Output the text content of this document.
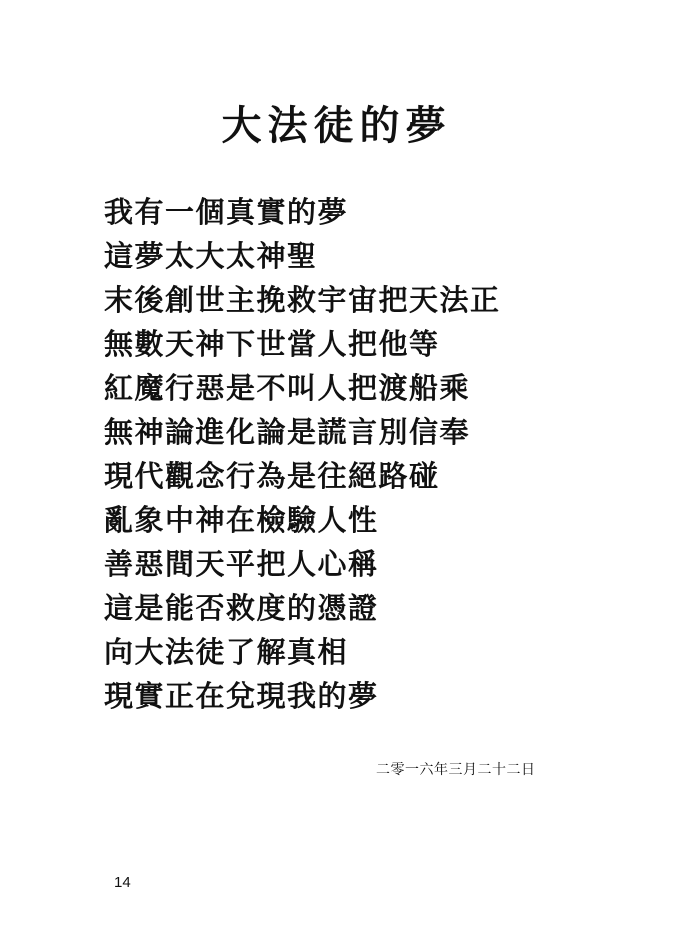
大法徒的夢
我有一個真實的夢
這夢太大太神聖
末後創世主挽救宇宙把天法正
無數天神下世當人把他等
紅魔行惡是不叫人把渡船乘
無神論進化論是謊言別信奉
現代觀念行為是往絕路碰
亂象中神在檢驗人性
善惡間天平把人心稱
這是能否救度的憑證
向大法徒了解真相
現實正在兌現我的夢
二零一六年三月二十二日
14
